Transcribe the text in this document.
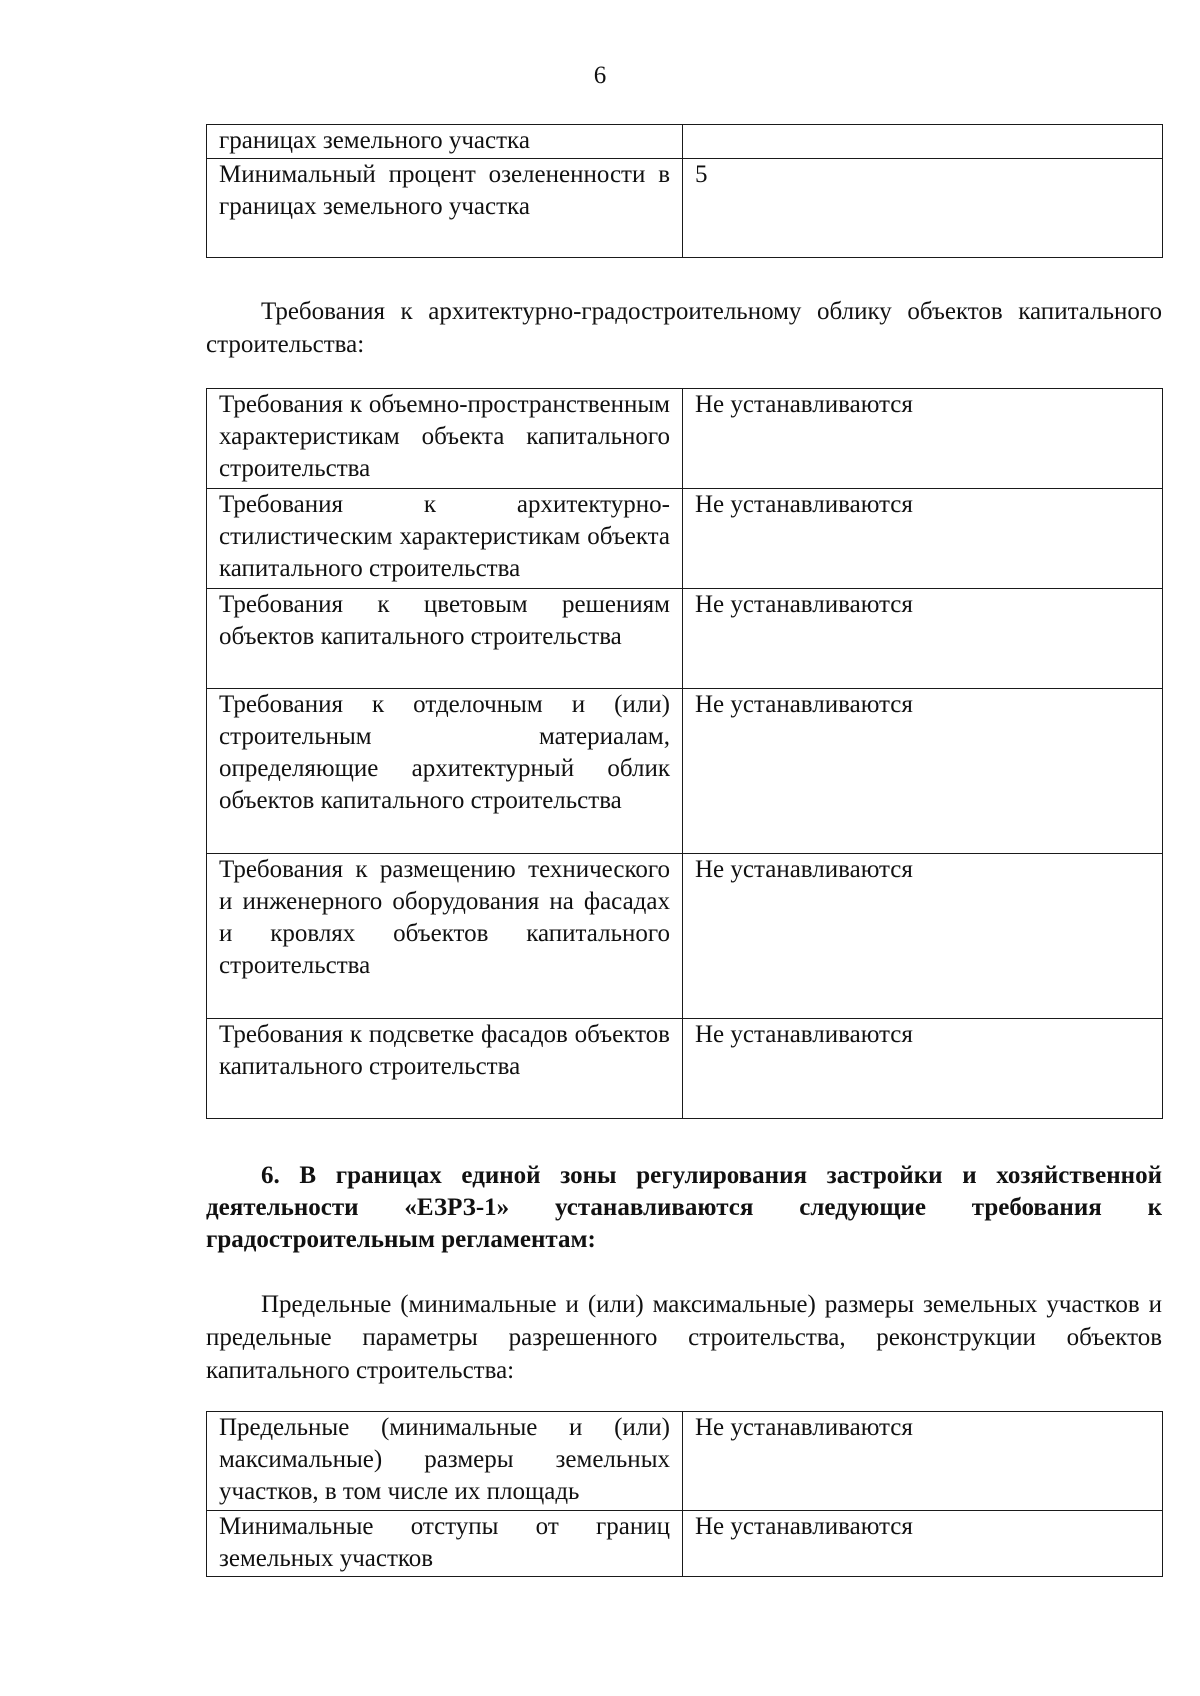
6
границах земельного участка	
Минимальный процент озелененности в границах земельного участка	5
Требования к архитектурно-градостроительному облику объектов капитального строительства:
Требования к объемно-пространственным характеристикам объекта капитального строительства	Не устанавливаются
Требования к архитектурно-стилистическим характеристикам объекта капитального строительства	Не устанавливаются
Требования к цветовым решениям объектов капитального строительства	Не устанавливаются
Требования к отделочным и (или) строительным материалам, определяющие архитектурный облик объектов капитального строительства	Не устанавливаются
Требования к размещению технического и инженерного оборудования на фасадах и кровлях объектов капитального строительства	Не устанавливаются
Требования к подсветке фасадов объектов капитального строительства	Не устанавливаются
6. В границах единой зоны регулирования застройки и хозяйственной деятельности «ЕЗРЗ-1» устанавливаются следующие требования к градостроительным регламентам:
Предельные (минимальные и (или) максимальные) размеры земельных участков и предельные параметры разрешенного строительства, реконструкции объектов капитального строительства:
Предельные (минимальные и (или) максимальные) размеры земельных участков, в том числе их площадь	Не устанавливаются
Минимальные отступы от границ земельных участков	Не устанавливаются
